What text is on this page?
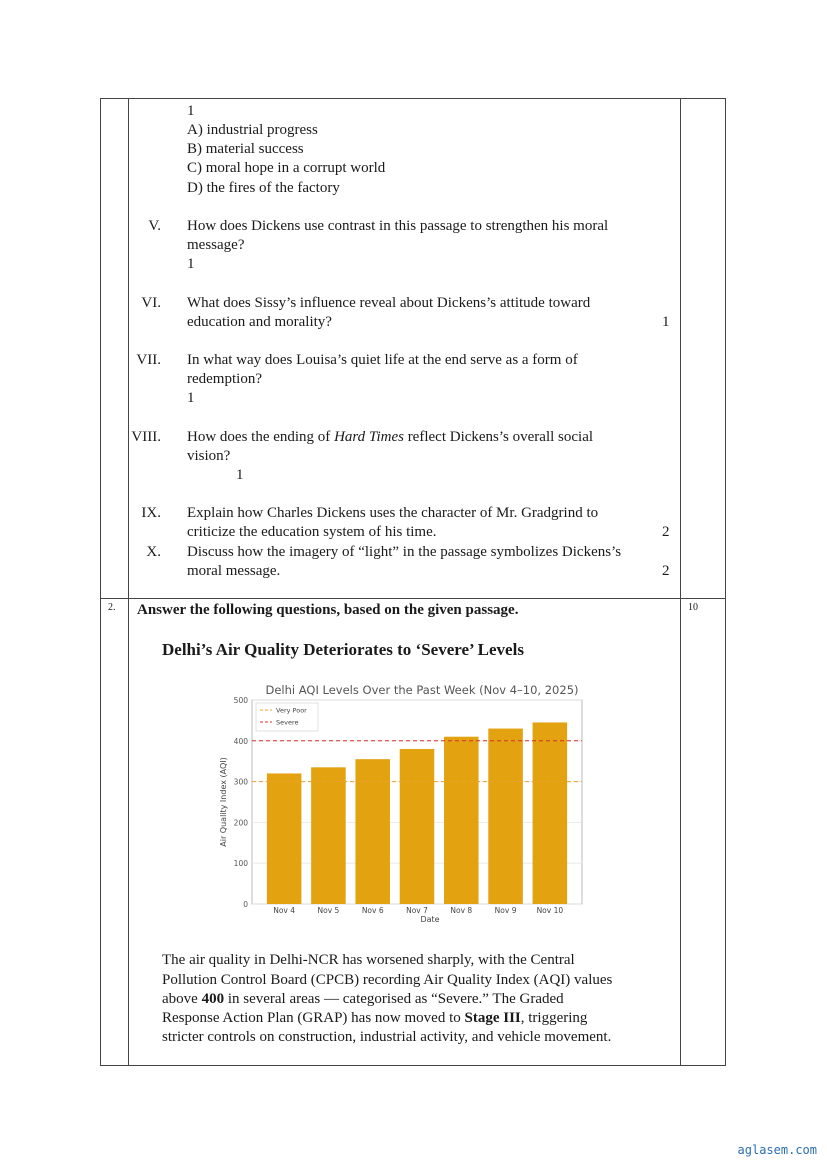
1
A) industrial progress
B) material success
C) moral hope in a corrupt world
D) the fires of the factory
V. How does Dickens use contrast in this passage to strengthen his moral
message?
1
VI. What does Sissy’s influence reveal about Dickens’s attitude toward
education and morality?	1
VII. In what way does Louisa’s quiet life at the end serve as a form of
redemption?
1
VIII. How does the ending of Hard Times reflect Dickens’s overall social
vision?
1
IX. Explain how Charles Dickens uses the character of Mr. Gradgrind to
criticize the education system of his time.	2
X. Discuss how the imagery of “light” in the passage symbolizes Dickens’s
moral message.	2
2.	10
Answer the following questions, based on the given passage.
Delhi’s Air Quality Deteriorates to ‘Severe’ Levels
Delhi AQI Levels Over the Past Week (Nov 4–10, 2025)
0
100
200
300
400
500
Nov 4	Nov 5	Nov 6	Nov 7	Nov 8	Nov 9	Nov 10
Very Poor
Severe
Date
Air Quality Index (AQI)
The air quality in Delhi-NCR has worsened sharply, with the Central
Pollution Control Board (CPCB) recording Air Quality Index (AQI) values
above 400 in several areas — categorised as “Severe.” The Graded
Response Action Plan (GRAP) has now moved to Stage III, triggering
stricter controls on construction, industrial activity, and vehicle movement.
aglasem.com
